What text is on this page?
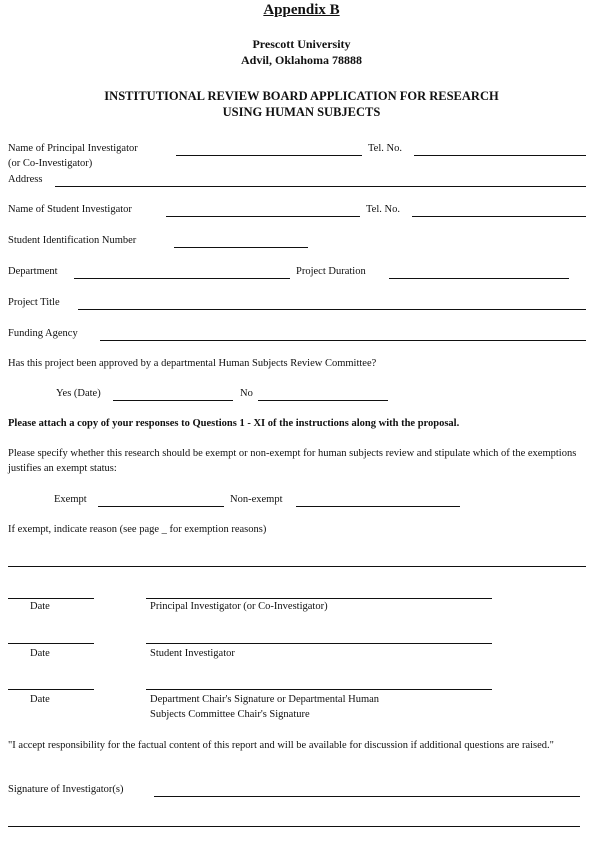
Appendix B
Prescott University
Advil, Oklahoma 78888
INSTITUTIONAL REVIEW BOARD APPLICATION FOR RESEARCH
USING HUMAN SUBJECTS
Name of Principal Investigator	Tel. No.
(or Co-Investigator)
Address
Name of Student Investigator	Tel. No.
Student Identification Number
Department	Project Duration
Project Title
Funding Agency
Has this project been approved by a departmental Human Subjects Review Committee?
Yes (Date)	No
Please attach a copy of your responses to Questions 1 - XI of the instructions along with the proposal.
Please specify whether this research should be exempt or non-exempt for human subjects review and stipulate which of the exemptions justifies an exempt status:
Exempt	Non-exempt
If exempt, indicate reason (see page _ for exemption reasons)
Date	Principal Investigator (or Co-Investigator)
Date	Student Investigator
Date	Department Chair's Signature or Departmental Human
Subjects Committee Chair's Signature
"I accept responsibility for the factual content of this report and will be available for discussion if additional questions are raised."
Signature of Investigator(s)
